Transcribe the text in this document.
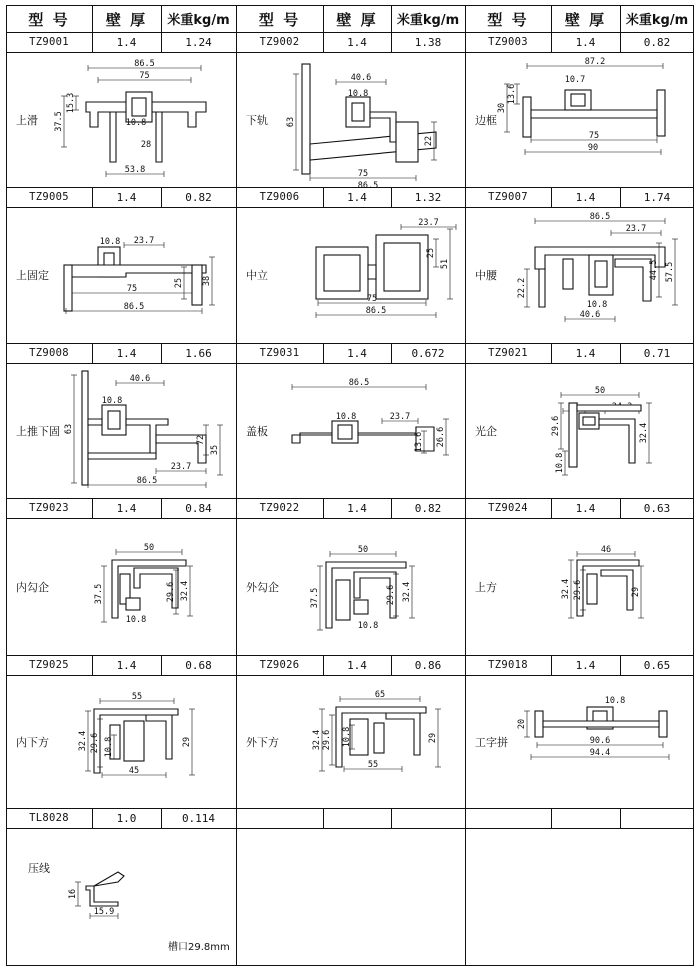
型 号	壁 厚	米重kg/m	型 号	壁 厚	米重kg/m	型 号	壁 厚	米重kg/m
TZ9001	1.4	1.24
上滑
86.5
75
15.3
37.5	10.8
28
53.8
TZ9002	1.4	1.38
下轨
40.6
63
10.8
22
75
86.5
TZ9003	1.4	0.82
边框
87.2
10.7
13.6
30
75
90
TZ9005	1.4	0.82
上固定
10.8 23.7
25 38
75
86.5
TZ9006	1.4	1.32
中立
23.7
25
51
75
86.5
TZ9007	1.4	1.74
中腰
86.5
23.7
57.5
44.5
10.8
22.2
40.6
TZ9008	1.4	1.66
上推下固
40.6
63
10.8
72
35
23.7
86.5
TZ9031	1.4	0.672
盖板
86.5
10.8	23.7
13.6 26.6
TZ9021	1.4	0.71
光企
50
29.6	32.4
10.8
TZ9023	1.4	0.84
内勾企
50
37.5	29.6 32.4
10.8
TZ9022	1.4	0.82
外勾企
50
37.5	29.6 32.4
10.8
TZ9024	1.4	0.63
上方
46
32.4 29.6	29
TZ9025	1.4	0.68
内下方
55
32.4 29.6 10.8	29
45
TZ9026	1.4	0.86
外下方
65
32.4 29.6 10.8	29
55
TZ9018	1.4	0.65
工字拼
10.8
20
90.6
94.4
TL8028	1.0	0.114
压线
槽口29.8mm
16
15.9
